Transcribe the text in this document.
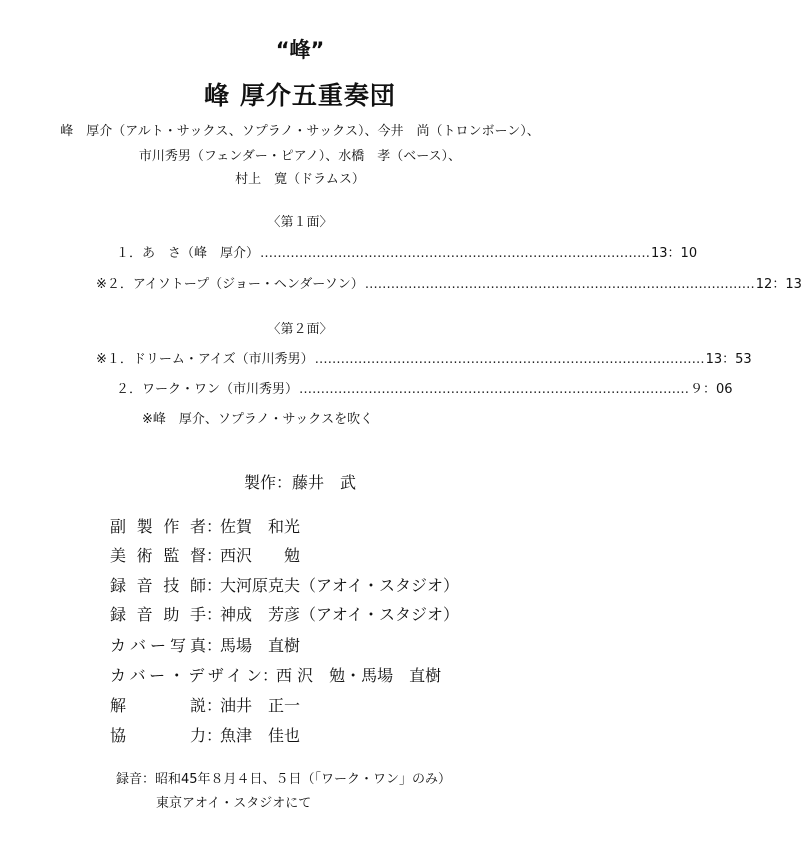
“峰”
峰 厚介五重奏団
峰　厚介（アルト・サックス、ソプラノ・サックス）、今井　尚（トロンボーン）、
市川秀男（フェンダー・ピアノ）、水橋　孝（ベース）、
村上　寛（ドラムス）
〈第１面〉
１．あ　さ（峰　厚介） ……………………………………………………………………………… 13：10
※２．アイソトープ（ジョー・ヘンダーソン） ……………………………………………………………………………… 12：13
〈第２面〉
※１．ドリーム・アイズ（市川秀男） ……………………………………………………………………………… 13：53
２．ワーク・ワン（市川秀男） ……………………………………………………………………………… ９：06
※峰　厚介、ソプラノ・サックスを吹く
製作：藤井　武
副製作者 ：
佐賀　和光
美術監督 ：
西沢　　勉
録音技師 ：
大河原克夫（アオイ・スタジオ）
録音助手 ：
神成　芳彦（アオイ・スタジオ）
カバー写真 ：
馬場　直樹
カバー・デザイン ：
西 沢　勉・馬場　直樹
解説 ：
油井　正一
協力 ：
魚津　佳也
録音：昭和45年８月４日、５日（「ワーク・ワン」のみ）
東京アオイ・スタジオにて
